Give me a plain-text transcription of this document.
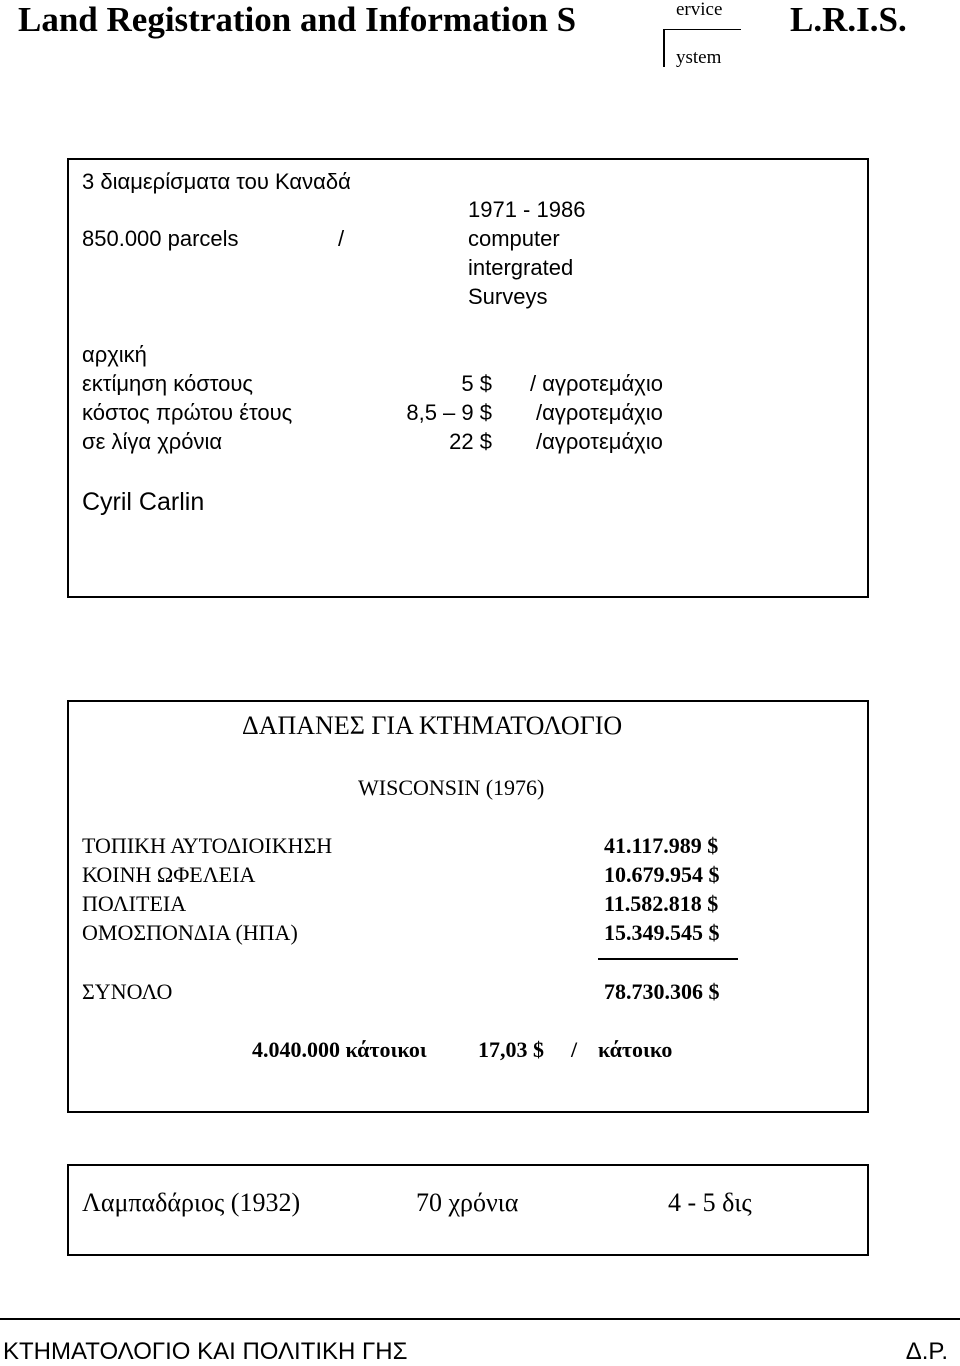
Land Registration and Information S	ervice
ystem
L.R.I.S.
3 διαμερίσματα του Καναδά
1971 - 1986
850.000 parcels	/	computer
intergrated
Surveys
αρχική
εκτίμηση κόστους	5 $ / αγροτεμάχιο
κόστος πρώτου έτους	8,5 – 9 $ /αγροτεμάχιο
σε λίγα χρόνια	22 $ /αγροτεμάχιο
Cyril Carlin
ΔΑΠΑΝΕΣ ΓΙΑ ΚΤΗΜΑΤΟΛΟΓΙΟ
WISCONSIN (1976)
ΤΟΠΙΚΗ ΑΥΤΟΔΙΟΙΚΗΣΗ	41.117.989 $
ΚΟΙΝΗ ΩΦΕΛΕΙΑ	10.679.954 $
ΠΟΛΙΤΕΙΑ	11.582.818 $
ΟΜΟΣΠΟΝΔΙΑ (ΗΠΑ)	15.349.545 $
ΣΥΝΟΛΟ	78.730.306 $
4.040.000 κάτοικοι 17,03 $ / κάτοικο
Λαμπαδάριος (1932)	70 χρόνια	4 - 5 δις
ΚΤΗΜΑΤΟΛΟΓΙΟ ΚΑΙ ΠΟΛΙΤΙΚΗ ΓΗΣ	Δ.Ρ.
